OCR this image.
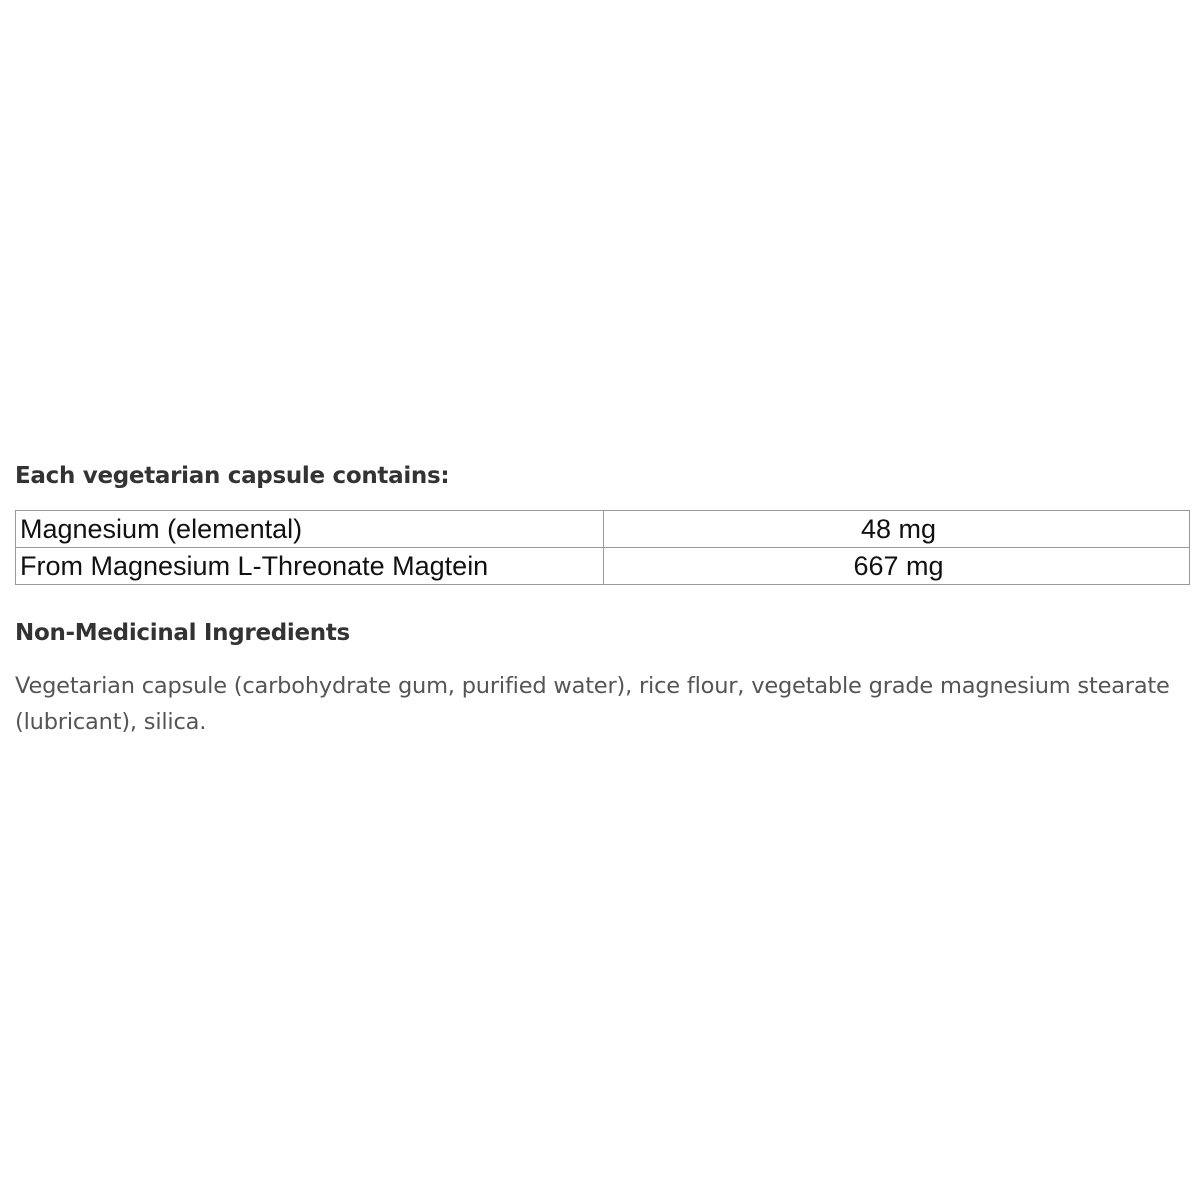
Each vegetarian capsule contains:
Magnesium (elemental)	48 mg
From Magnesium L-Threonate Magtein	667 mg
Non-Medicinal Ingredients

Vegetarian capsule (carbohydrate gum, purified water), rice flour, vegetable grade magnesium stearate (lubricant), silica.
